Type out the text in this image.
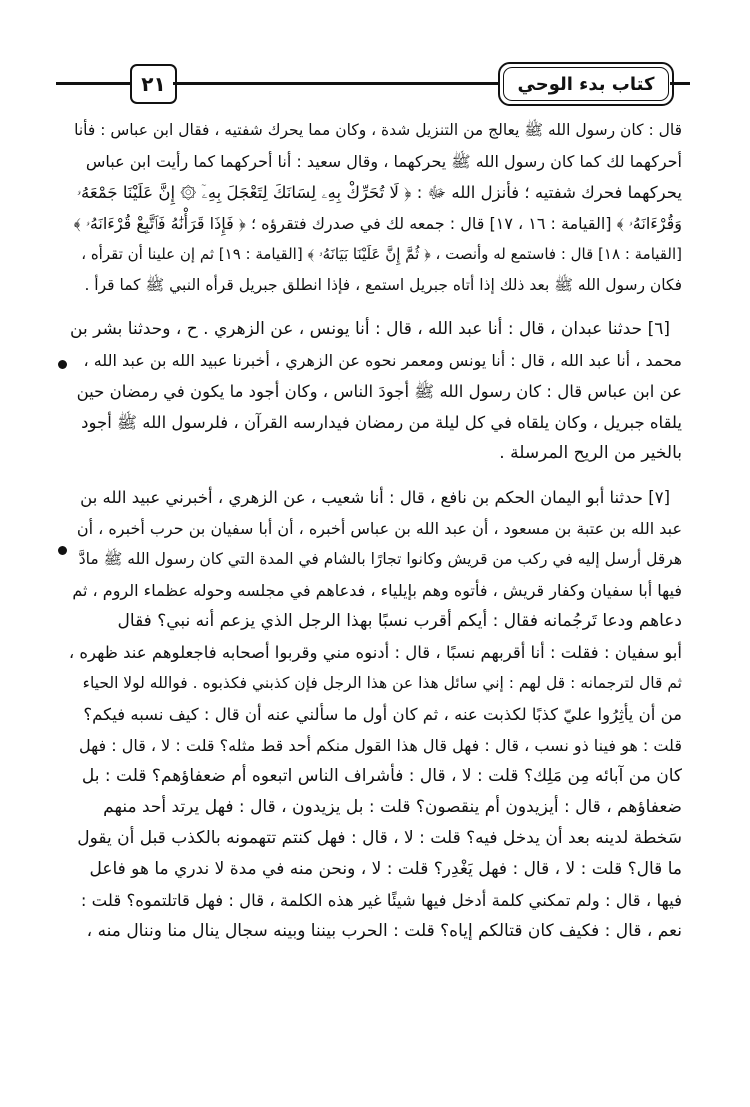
٢١	كتاب بدء الوحي
قال : كان رسول الله ﷺ يعالج من التنزيل شدة ، وكان مما يحرك شفتيه ، فقال ابن عباس : فأنا
أحركهما لك كما كان رسول الله ﷺ يحركهما ، وقال سعيد : أنا أحركهما كما رأيت ابن عباس
يحركهما فحرك شفتيه ؛ فأنزل الله ﷻ : ﴿ لَا تُحَرِّكْ بِهِۦ لِسَانَكَ لِتَعْجَلَ بِهِۦٓ ۞ إِنَّ عَلَيْنَا جَمْعَهُۥ
وَقُرْءَانَهُۥ ﴾ [القيامة : ١٦ ، ١٧] قال : جمعه لك في صدرك فتقرؤه ؛ ﴿ فَإِذَا قَرَأْنَٰهُ فَٱتَّبِعْ قُرْءَانَهُۥ ﴾
[القيامة : ١٨] قال : فاستمع له وأنصت ، ﴿ ثُمَّ إِنَّ عَلَيْنَا بَيَانَهُۥ ﴾ [القيامة : ١٩] ثم إن علينا أن تقرأه ،
فكان رسول الله ﷺ بعد ذلك إذا أتاه جبريل استمع ، فإذا انطلق جبريل قرأه النبي ﷺ كما قرأ .
[٦] حدثنا عبدان ، قال : أنا عبد الله ، قال : أنا يونس ، عن الزهري . ح ، وحدثنا بشر بن
محمد ، أنا عبد الله ، قال : أنا يونس ومعمر نحوه عن الزهري ، أخبرنا عبيد الله بن عبد الله ،
عن ابن عباس قال : كان رسول الله ﷺ أجودَ الناس ، وكان أجود ما يكون في رمضان حين
يلقاه جبريل ، وكان يلقاه في كل ليلة من رمضان فيدارسه القرآن ، فلرسول الله ﷺ أجود
بالخير من الريح المرسلة .
[٧] حدثنا أبو اليمان الحكم بن نافع ، قال : أنا شعيب ، عن الزهري ، أخبرني عبيد الله بن
عبد الله بن عتبة بن مسعود ، أن عبد الله بن عباس أخبره ، أن أبا سفيان بن حرب أخبره ، أن
هرقل أرسل إليه في ركب من قريش وكانوا تجارًا بالشام في المدة التي كان رسول الله ﷺ مادَّ
فيها أبا سفيان وكفار قريش ، فأتوه وهم بإيلياء ، فدعاهم في مجلسه وحوله عظماء الروم ، ثم
دعاهم ودعا تَرجُمانه فقال : أيكم أقرب نسبًا بهذا الرجل الذي يزعم أنه نبي؟ فقال
أبو سفيان : فقلت : أنا أقربهم نسبًا ، قال : أدنوه مني وقربوا أصحابه فاجعلوهم عند ظهره ،
ثم قال لترجمانه : قل لهم : إني سائل هذا عن هذا الرجل فإن كذبني فكذبوه . فوالله لولا الحياء
من أن يأثِرُوا عليّ كذبًا لكذبت عنه ، ثم كان أول ما سألني عنه أن قال : كيف نسبه فيكم؟
قلت : هو فينا ذو نسب ، قال : فهل قال هذا القول منكم أحد قط مثله؟ قلت : لا ، قال : فهل
كان من آبائه مِن مَلِك؟ قلت : لا ، قال : فأشراف الناس اتبعوه أم ضعفاؤهم؟ قلت : بل
ضعفاؤهم ، قال : أيزيدون أم ينقصون؟ قلت : بل يزيدون ، قال : فهل يرتد أحد منهم
سَخطة لدينه بعد أن يدخل فيه؟ قلت : لا ، قال : فهل كنتم تتهمونه بالكذب قبل أن يقول
ما قال؟ قلت : لا ، قال : فهل يَغْدِر؟ قلت : لا ، ونحن منه في مدة لا ندري ما هو فاعل
فيها ، قال : ولم تمكني كلمة أدخل فيها شيئًا غير هذه الكلمة ، قال : فهل قاتلتموه؟ قلت :
نعم ، قال : فكيف كان قتالكم إياه؟ قلت : الحرب بيننا وبينه سجال ينال منا وننال منه ،
